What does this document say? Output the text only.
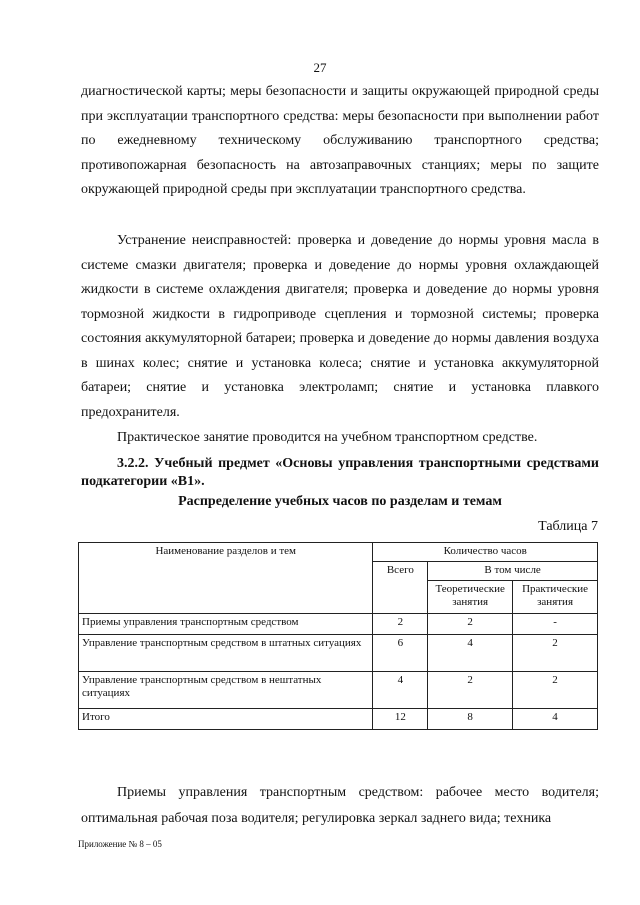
27
диагностической карты; меры безопасности и защиты окружающей природной среды при эксплуатации транспортного средства: меры безопасности при выполнении работ по ежедневному техническому обслуживанию транспортного средства; противопожарная безопасность на автозаправочных станциях; меры по защите окружающей природной среды при эксплуатации транспортного средства.
Устранение неисправностей: проверка и доведение до нормы уровня масла в системе смазки двигателя; проверка и доведение до нормы уровня охлаждающей жидкости в системе охлаждения двигателя; проверка и доведение до нормы уровня тормозной жидкости в гидроприводе сцепления и тормозной системы; проверка состояния аккумуляторной батареи; проверка и доведение до нормы давления воздуха в шинах колес; снятие и установка колеса; снятие и установка аккумуляторной батареи; снятие и установка электроламп; снятие и установка плавкого предохранителя.
Практическое занятие проводится на учебном транспортном средстве.
3.2.2. Учебный предмет «Основы управления транспортными средствами подкатегории «В1».
Распределение учебных часов по разделам и темам
Таблица 7
Наименование разделов и тем	Количество часов		
	Всего	В том числе	
		Теоретические занятия	Практические занятия
Приемы управления транспортным средством	2	2	-
Управление транспортным средством в штатных ситуациях	6	4	2
Управление транспортным средством в нештатных ситуациях	4	2	2
Итого	12	8	4
Приемы управления транспортным средством: рабочее место водителя; оптимальная рабочая поза водителя; регулировка зеркал заднего вида; техника
Приложение № 8 – 05
